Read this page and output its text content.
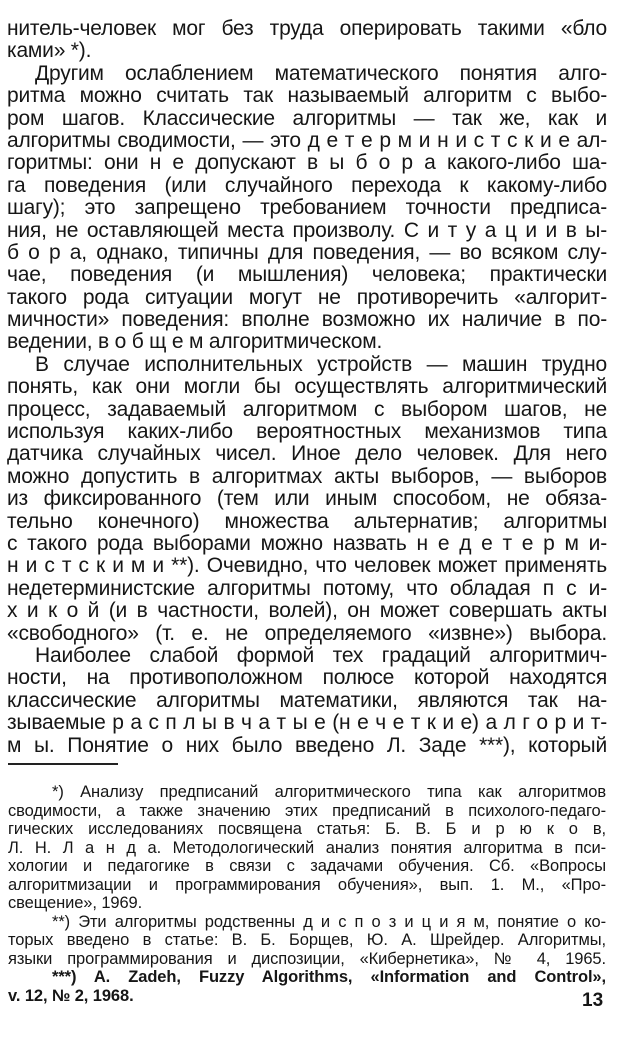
нитель-человек мог без труда оперировать такими «бло
ками» *).
Другим ослаблением математического понятия алго-
ритма можно считать так называемый алгоритм с выбо-
ром шагов. Классические алгоритмы — так же, как и
алгоритмы сводимости, — это д е т е р м и н и с т с к и е ал-
горитмы: они н е допускают в ы б о р а какого-либо ша-
га поведения (или случайного перехода к какому-либо
шагу); это запрещено требованием точности предписа-
ния, не оставляющей места произволу. С и т у а ц и и в ы-
б о р а, однако, типичны для поведения, — во всяком слу-
чае, поведения (и мышления) человека; практически
такого рода ситуации могут не противоречить «алгорит-
мичности» поведения: вполне возможно их наличие в по-
ведении, в о б щ е м алгоритмическом.
В случае исполнительных устройств — машин трудно
понять, как они могли бы осуществлять алгоритмический
процесс, задаваемый алгоритмом с выбором шагов, не
используя каких-либо вероятностных механизмов типа
датчика случайных чисел. Иное дело человек. Для него
можно допустить в алгоритмах акты выборов, — выборов
из фиксированного (тем или иным способом, не обяза-
тельно конечного) множества альтернатив; алгоритмы
с такого рода выборами можно назвать н е д е т е р м и-
н и с т с к и м и **). Очевидно, что человек может применять
недетерминистские алгоритмы потому, что обладая п с и-
х и к о й (и в частности, волей), он может совершать акты
«свободного» (т. е. не определяемого «извне») выбора.
Наиболее слабой формой тех градаций алгоритмич-
ности, на противоположном полюсе которой находятся
классические алгоритмы математики, являются так на-
зываемые р а с п л ы в ч а т ы е (н е ч е т к и е) а л г о р и т-
м ы. Понятие о них было введено Л. Заде ***), который
*) Анализу предписаний алгоритмического типа как алгоритмов
сводимости, а также значению этих предписаний в психолого-педаго-
гических исследованиях посвящена статья: Б. В. Б и р ю к о в,
Л. Н. Л а н д а. Методологический анализ понятия алгоритма в пси-
хологии и педагогике в связи с задачами обучения. Сб. «Вопросы
алгоритмизации и программирования обучения», вып. 1. М., «Про-
свещение», 1969.
**) Эти алгоритмы родственны д и с п о з и ц и я м, понятие о ко-
торых введено в статье: В. Б. Борщев, Ю. А. Шрейдер. Алгоритмы,
языки программирования и диспозиции, «Кибернетика», № 4, 1965.
***) A. Zadeh, Fuzzy Algorithms, «Information and Control»,
v. 12, № 2, 1968.	13
